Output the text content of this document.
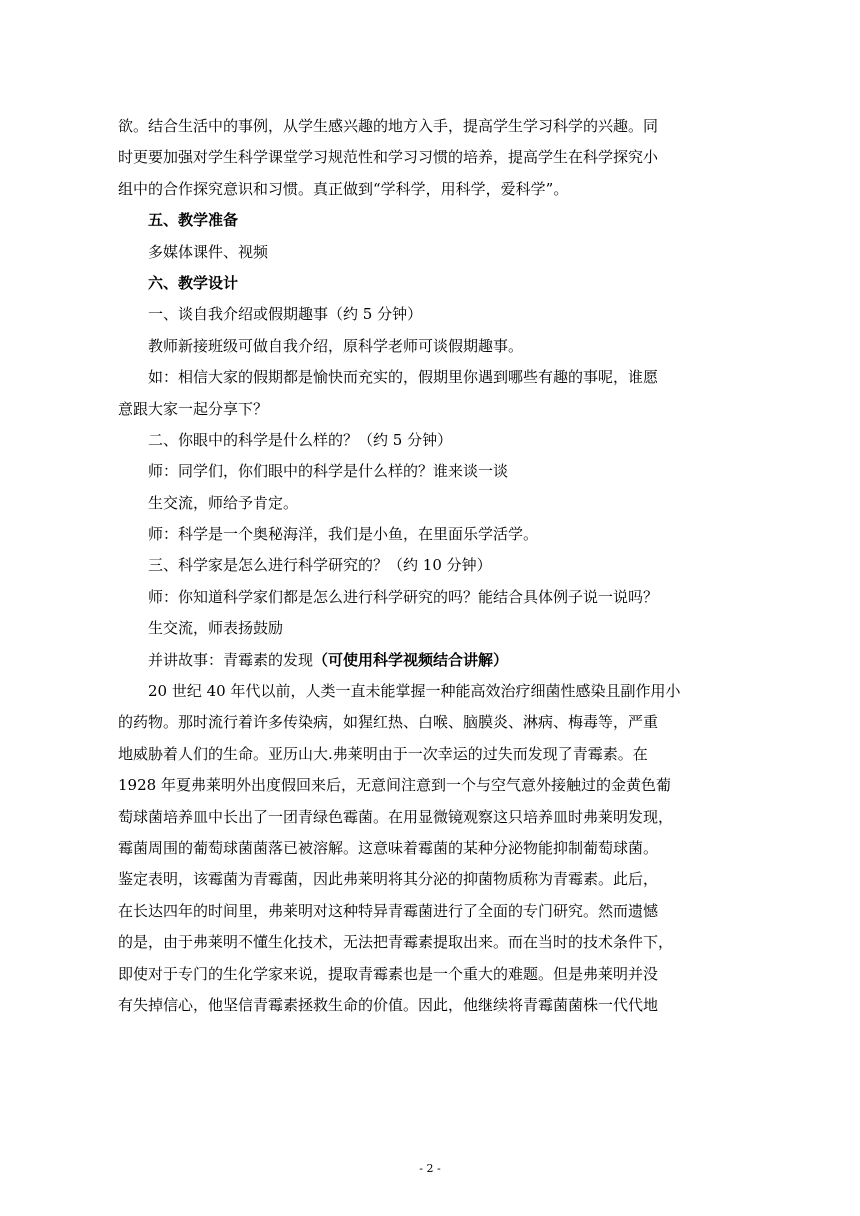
欲。结合生活中的事例，从学生感兴趣的地方入手，提高学生学习科学的兴趣。同
时更要加强对学生科学课堂学习规范性和学习习惯的培养，提高学生在科学探究小
组中的合作探究意识和习惯。真正做到“学科学，用科学，爱科学”。
五、教学准备
多媒体课件、视频
六、教学设计
一、谈自我介绍或假期趣事（约 5 分钟）
教师新接班级可做自我介绍，原科学老师可谈假期趣事。
如：相信大家的假期都是愉快而充实的，假期里你遇到哪些有趣的事呢，谁愿
意跟大家一起分享下？
二、你眼中的科学是什么样的？（约 5 分钟）
师：同学们，你们眼中的科学是什么样的？谁来谈一谈
生交流，师给予肯定。
师：科学是一个奥秘海洋，我们是小鱼，在里面乐学活学。
三、科学家是怎么进行科学研究的？（约 10 分钟）
师：你知道科学家们都是怎么进行科学研究的吗？能结合具体例子说一说吗？
生交流，师表扬鼓励
并讲故事：青霉素的发现（可使用科学视频结合讲解）
20 世纪 40 年代以前，人类一直未能掌握一种能高效治疗细菌性感染且副作用小
的药物。那时流行着许多传染病，如猩红热、白喉、脑膜炎、淋病、梅毒等，严重
地威胁着人们的生命。亚历山大.弗莱明由于一次幸运的过失而发现了青霉素。在
1928 年夏弗莱明外出度假回来后，无意间注意到一个与空气意外接触过的金黄色葡
萄球菌培养皿中长出了一团青绿色霉菌。在用显微镜观察这只培养皿时弗莱明发现，
霉菌周围的葡萄球菌菌落已被溶解。这意味着霉菌的某种分泌物能抑制葡萄球菌。
鉴定表明，该霉菌为青霉菌，因此弗莱明将其分泌的抑菌物质称为青霉素。此后，
在长达四年的时间里，弗莱明对这种特异青霉菌进行了全面的专门研究。然而遗憾
的是，由于弗莱明不懂生化技术，无法把青霉素提取出来。而在当时的技术条件下，
即使对于专门的生化学家来说，提取青霉素也是一个重大的难题。但是弗莱明并没
有失掉信心，他坚信青霉素拯救生命的价值。因此，他继续将青霉菌菌株一代代地
- 2 -
